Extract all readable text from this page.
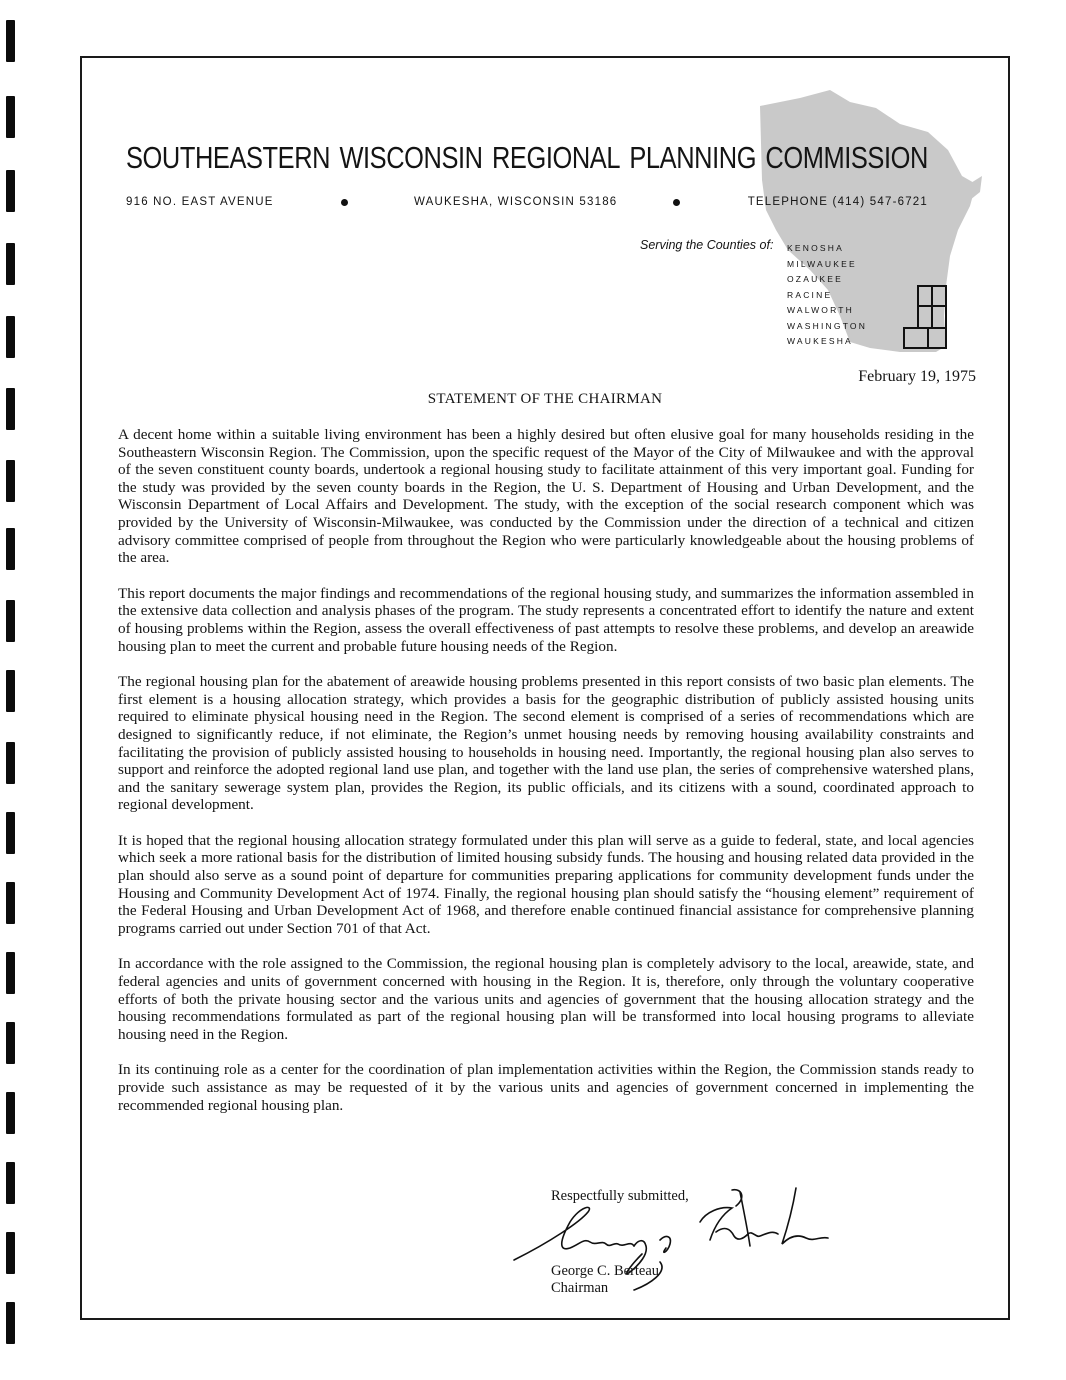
SOUTHEASTERN WISCONSIN REGIONAL PLANNING COMMISSION
916 NO. EAST AVENUE	WAUKESHA, WISCONSIN 53186	TELEPHONE (414) 547-6721
Serving the Counties of: KENOSHA
MILWAUKEE
OZAUKEE
RACINE
WALWORTH
WASHINGTON
WAUKESHA
February 19, 1975
STATEMENT OF THE CHAIRMAN

A decent home within a suitable living environment has been a highly desired but often elusive goal for many households residing in the Southeastern Wisconsin Region. The Commission, upon the specific request of the Mayor of the City of Milwaukee and with the approval of the seven constituent county boards, undertook a regional housing study to facilitate attainment of this very important goal. Funding for the study was provided by the seven county boards in the Region, the U. S. Department of Housing and Urban Development, and the Wisconsin Department of Local Affairs and Development. The study, with the exception of the social research component which was provided by the University of Wisconsin-Milwaukee, was conducted by the Commission under the direction of a technical and citizen advisory committee comprised of people from throughout the Region who were particularly knowledgeable about the housing problems of the area.

This report documents the major findings and recommendations of the regional housing study, and summarizes the information assembled in the extensive data collection and analysis phases of the program. The study represents a concentrated effort to identify the nature and extent of housing problems within the Region, assess the overall effectiveness of past attempts to resolve these problems, and develop an areawide housing plan to meet the current and probable future housing needs of the Region.

The regional housing plan for the abatement of areawide housing problems presented in this report consists of two basic plan elements. The first element is a housing allocation strategy, which provides a basis for the geographic distribution of publicly assisted housing units required to eliminate physical housing need in the Region. The second element is comprised of a series of recommendations which are designed to significantly reduce, if not eliminate, the Region’s unmet housing needs by removing housing availability constraints and facilitating the provision of publicly assisted housing to households in housing need. Importantly, the regional housing plan also serves to support and reinforce the adopted regional land use plan, and together with the land use plan, the series of comprehensive watershed plans, and the sanitary sewerage system plan, provides the Region, its public officials, and its citizens with a sound, coordinated approach to regional development.

It is hoped that the regional housing allocation strategy formulated under this plan will serve as a guide to federal, state, and local agencies which seek a more rational basis for the distribution of limited housing subsidy funds. The housing and housing related data provided in the plan should also serve as a sound point of departure for communities preparing applications for community development funds under the Housing and Community Development Act of 1974. Finally, the regional housing plan should satisfy the “housing element” requirement of the Federal Housing and Urban Development Act of 1968, and therefore enable continued financial assistance for comprehensive planning programs carried out under Section 701 of that Act.

In accordance with the role assigned to the Commission, the regional housing plan is completely advisory to the local, areawide, state, and federal agencies and units of government concerned with housing in the Region. It is, therefore, only through the voluntary cooperative efforts of both the private housing sector and the various units and agencies of government that the housing allocation strategy and the housing recommendations formulated as part of the regional housing plan will be transformed into local housing programs to alleviate housing need in the Region.

In its continuing role as a center for the coordination of plan implementation activities within the Region, the Commission stands ready to provide such assistance as may be requested of it by the various units and agencies of government concerned in implementing the recommended regional housing plan.

Respectfully submitted,
George C. Berteau
Chairman
